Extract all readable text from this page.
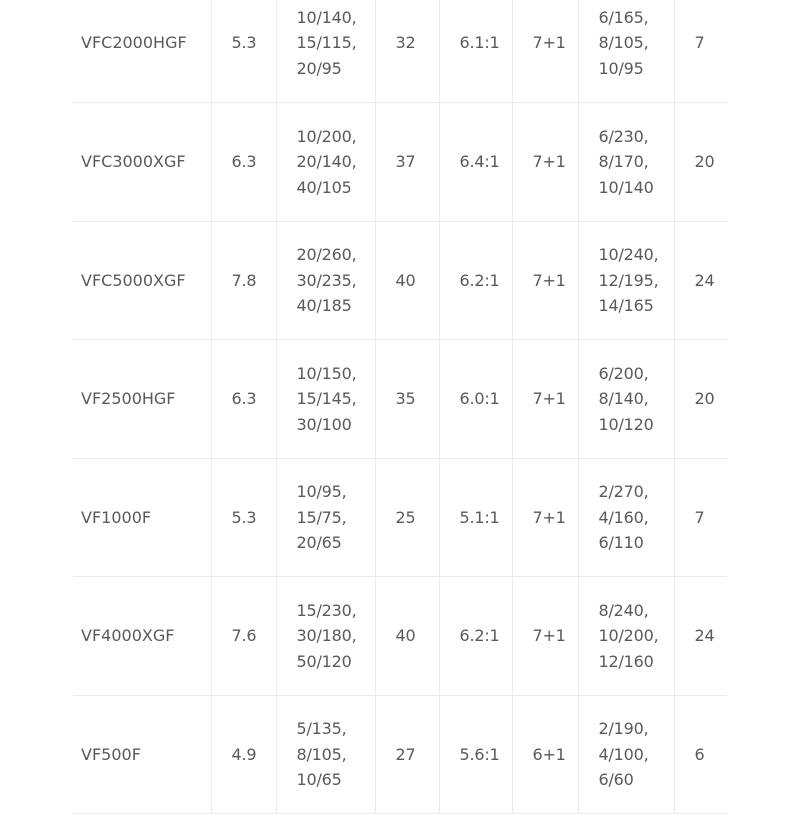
VFC2000HGF	5.3	10/140,
15/115,
20/95	32	6.1:1	7+1	6/165,
8/105,
10/95	7
VFC3000XGF	6.3	10/200,
20/140,
40/105	37	6.4:1	7+1	6/230,
8/170,
10/140	20
VFC5000XGF	7.8	20/260,
30/235,
40/185	40	6.2:1	7+1	10/240,
12/195,
14/165	24
VF2500HGF	6.3	10/150,
15/145,
30/100	35	6.0:1	7+1	6/200,
8/140,
10/120	20
VF1000F	5.3	10/95,
15/75,
20/65	25	5.1:1	7+1	2/270,
4/160,
6/110	7
VF4000XGF	7.6	15/230,
30/180,
50/120	40	6.2:1	7+1	8/240,
10/200,
12/160	24
VF500F	4.9	5/135,
8/105,
10/65	27	5.6:1	6+1	2/190,
4/100,
6/60	6
